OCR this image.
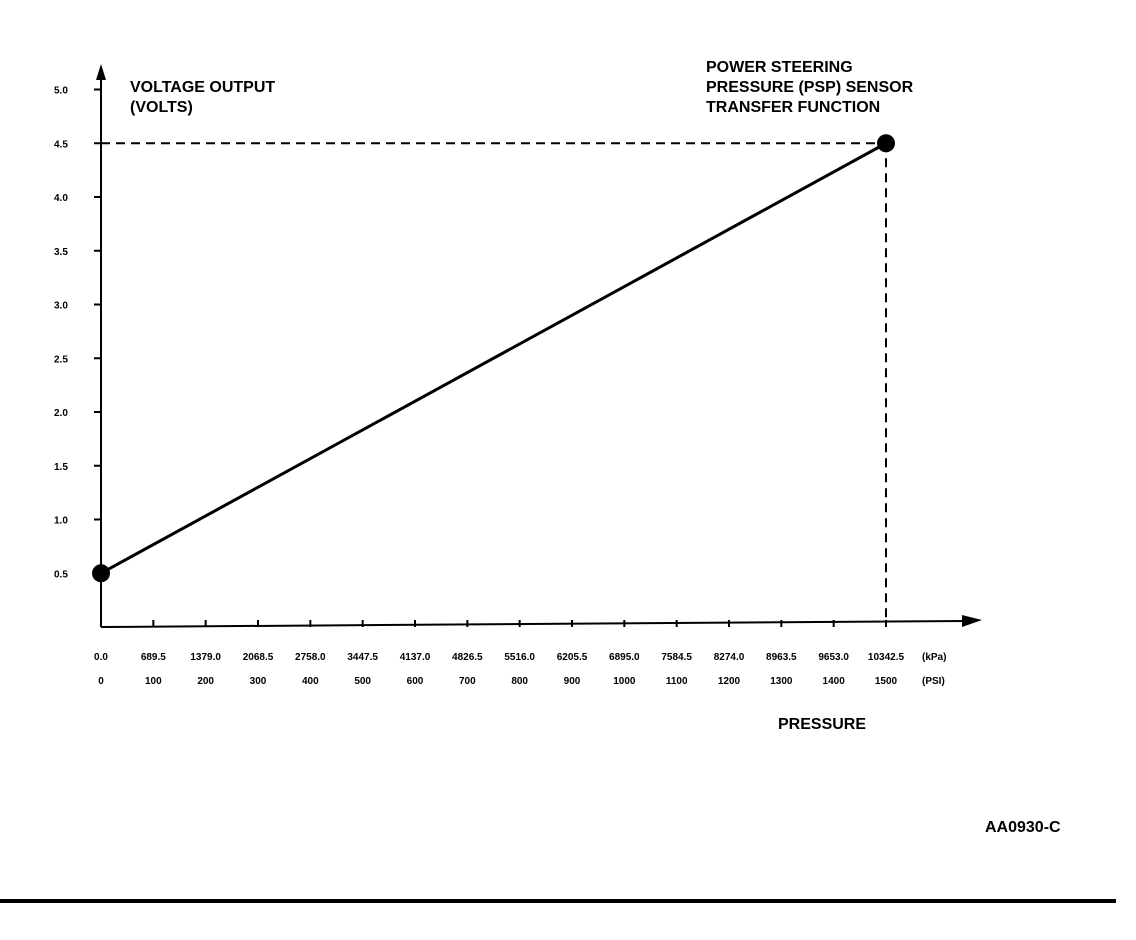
0.5
1.0
1.5
2.0
2.5
3.0
3.5
4.0
4.5
5.0
0.0
0
689.5
100
1379.0
200
2068.5
300
2758.0
400
3447.5
500
4137.0
600
4826.5
700
5516.0
800
6205.5
900
6895.0
1000
7584.5
1100
8274.0
1200
8963.5
1300
9653.0
1400
10342.5
1500
VOLTAGE OUTPUT
(VOLTS)
POWER STEERING
PRESSURE (PSP) SENSOR
TRANSFER FUNCTION
PRESSURE
AA0930-C
(kPa)
(PSI)
